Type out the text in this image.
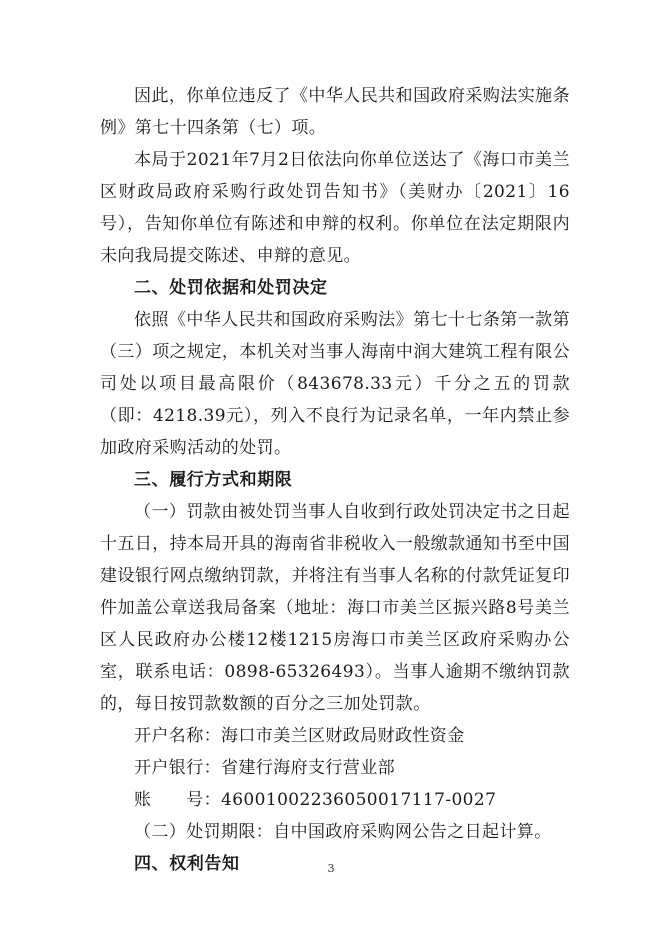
因此，你单位违反了《中华人民共和国政府采购法实施条例》第七十四条第（七）项。

本局于2021年7月2日依法向你单位送达了《海口市美兰区财政局政府采购行政处罚告知书》（美财办〔2021〕16号），告知你单位有陈述和申辩的权利。你单位在法定期限内未向我局提交陈述、申辩的意见。

二、处罚依据和处罚决定

依照《中华人民共和国政府采购法》第七十七条第一款第（三）项之规定，本机关对当事人海南中润大建筑工程有限公司处以项目最高限价（843678.33元）千分之五的罚款（即：4218.39元），列入不良行为记录名单，一年内禁止参加政府采购活动的处罚。

三、履行方式和期限

（一）罚款由被处罚当事人自收到行政处罚决定书之日起十五日，持本局开具的海南省非税收入一般缴款通知书至中国建设银行网点缴纳罚款，并将注有当事人名称的付款凭证复印件加盖公章送我局备案（地址：海口市美兰区振兴路8号美兰区人民政府办公楼12楼1215房海口市美兰区政府采购办公室，联系电话：0898-65326493）。当事人逾期不缴纳罚款的，每日按罚款数额的百分之三加处罚款。

开户名称：海口市美兰区财政局财政性资金

开户银行：省建行海府支行营业部

账　　号：46001002236050017117-0027

（二）处罚期限：自中国政府采购网公告之日起计算。

四、权利告知	3
